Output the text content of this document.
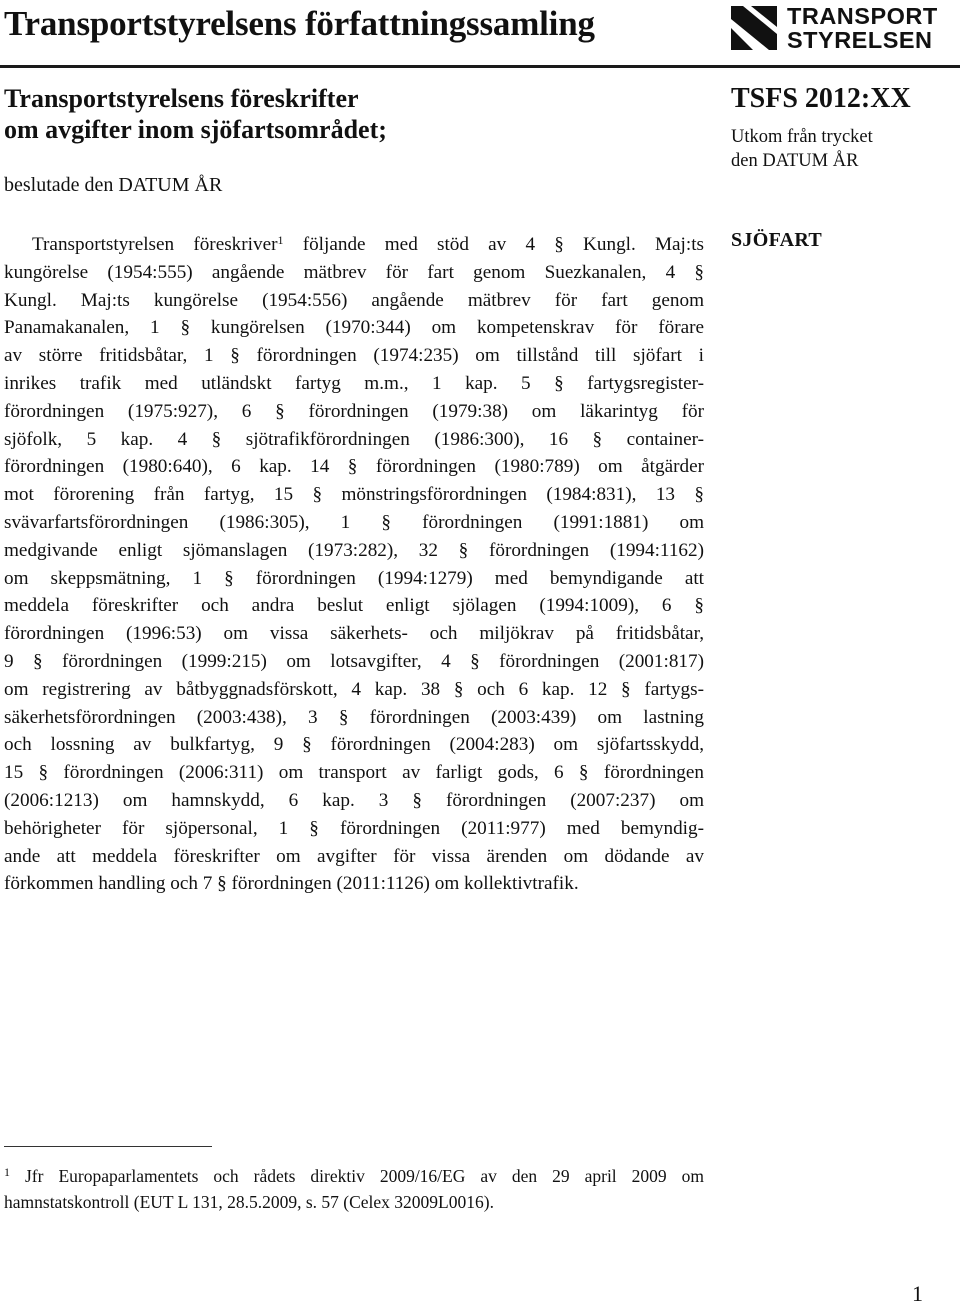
Transportstyrelsens författningssamling	TRANSPORT
STYRELSEN
Transportstyrelsens föreskrifter
om avgifter inom sjöfartsområdet;
beslutade den DATUM ÅR
TSFS 2012:XX
Utkom från trycket
den DATUM ÅR
SJÖFART
Transportstyrelsen föreskriver$^1$ följande med stöd av 4 § Kungl. Maj:ts
kungörelse (1954:555) angående mätbrev för fart genom Suezkanalen, 4 §
Kungl. Maj:ts kungörelse (1954:556) angående mätbrev för fart genom
Panamakanalen, 1 § kungörelsen (1970:344) om kompetenskrav för förare
av större fritidsbåtar, 1 § förordningen (1974:235) om tillstånd till sjöfart i
inrikes trafik med utländskt fartyg m.m., 1 kap. 5 § fartygsregister-
förordningen (1975:927), 6 § förordningen (1979:38) om läkarintyg för
sjöfolk, 5 kap. 4 § sjötrafikförordningen (1986:300), 16 § container-
förordningen (1980:640), 6 kap. 14 § förordningen (1980:789) om åtgärder
mot förorening från fartyg, 15 § mönstringsförordningen (1984:831), 13 §
svävarfartsförordningen (1986:305), 1 § förordningen (1991:1881) om
medgivande enligt sjömanslagen (1973:282), 32 § förordningen (1994:1162)
om skeppsmätning, 1 § förordningen (1994:1279) med bemyndigande att
meddela föreskrifter och andra beslut enligt sjölagen (1994:1009), 6 §
förordningen (1996:53) om vissa säkerhets- och miljökrav på fritidsbåtar,
9 § förordningen (1999:215) om lotsavgifter, 4 § förordningen (2001:817)
om registrering av båtbyggnadsförskott, 4 kap. 38 § och 6 kap. 12 § fartygs-
säkerhetsförordningen (2003:438), 3 § förordningen (2003:439) om lastning
och lossning av bulkfartyg, 9 § förordningen (2004:283) om sjöfartsskydd,
15 § förordningen (2006:311) om transport av farligt gods, 6 § förordningen
(2006:1213) om hamnskydd, 6 kap. 3 § förordningen (2007:237) om
behörigheter för sjöpersonal, 1 § förordningen (2011:977) med bemyndig-
ande att meddela föreskrifter om avgifter för vissa ärenden om dödande av
förkommen handling och 7 § förordningen (2011:1126) om kollektivtrafik.
$^1$ Jfr Europaparlamentets och rådets direktiv 2009/16/EG av den 29 april 2009 om
hamnstatskontroll (EUT L 131, 28.5.2009, s. 57 (Celex 32009L0016).
1
